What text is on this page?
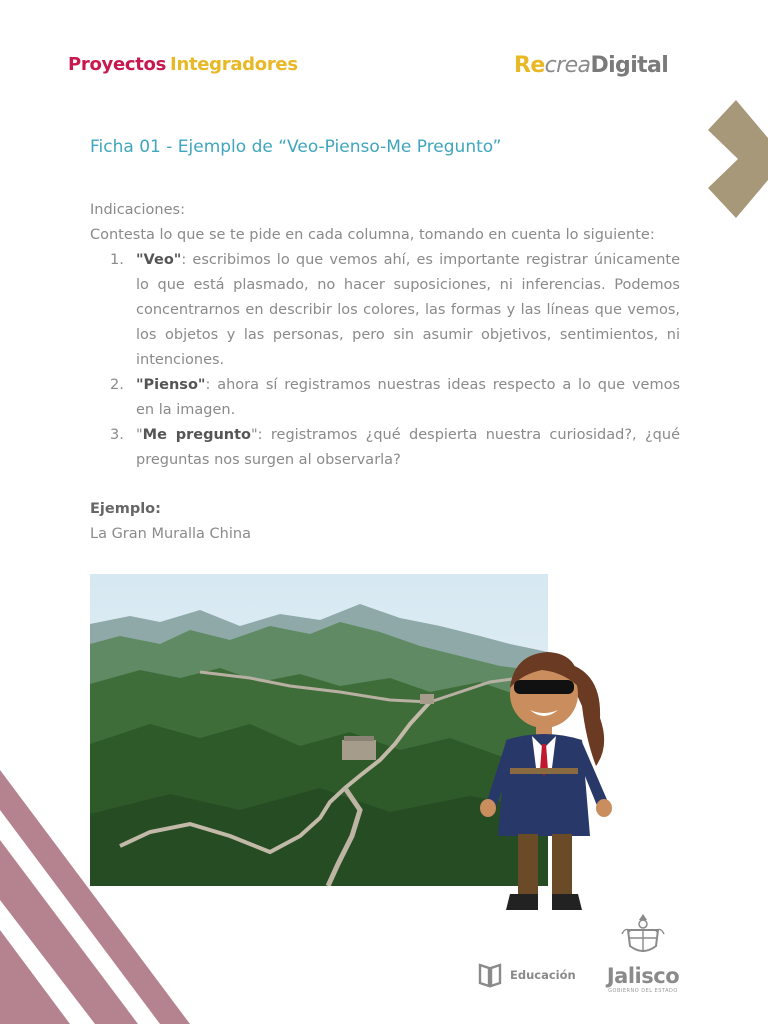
Proyectos Integradores	RecreaDigital
Ficha 01 - Ejemplo de “Veo-Pienso-Me Pregunto”

Indicaciones:

Contesta lo que se te pide en cada columna, tomando en cuenta lo siguiente:

1. "Veo": escribimos lo que vemos ahí, es importante registrar únicamente lo que está plasmado, no hacer suposiciones, ni inferencias. Podemos concentrarnos en describir los colores, las formas y las líneas que vemos, los objetos y las personas, pero sin asumir objetivos, sentimientos, ni intenciones.
2. "Pienso": ahora sí registramos nuestras ideas respecto a lo que vemos en la imagen.
3. "Me pregunto": registramos ¿qué despierta nuestra curiosidad?, ¿qué preguntas nos surgen al observarla?

Ejemplo:

La Gran Muralla China

Educación	Jalisco
GOBIERNO DEL ESTADO
